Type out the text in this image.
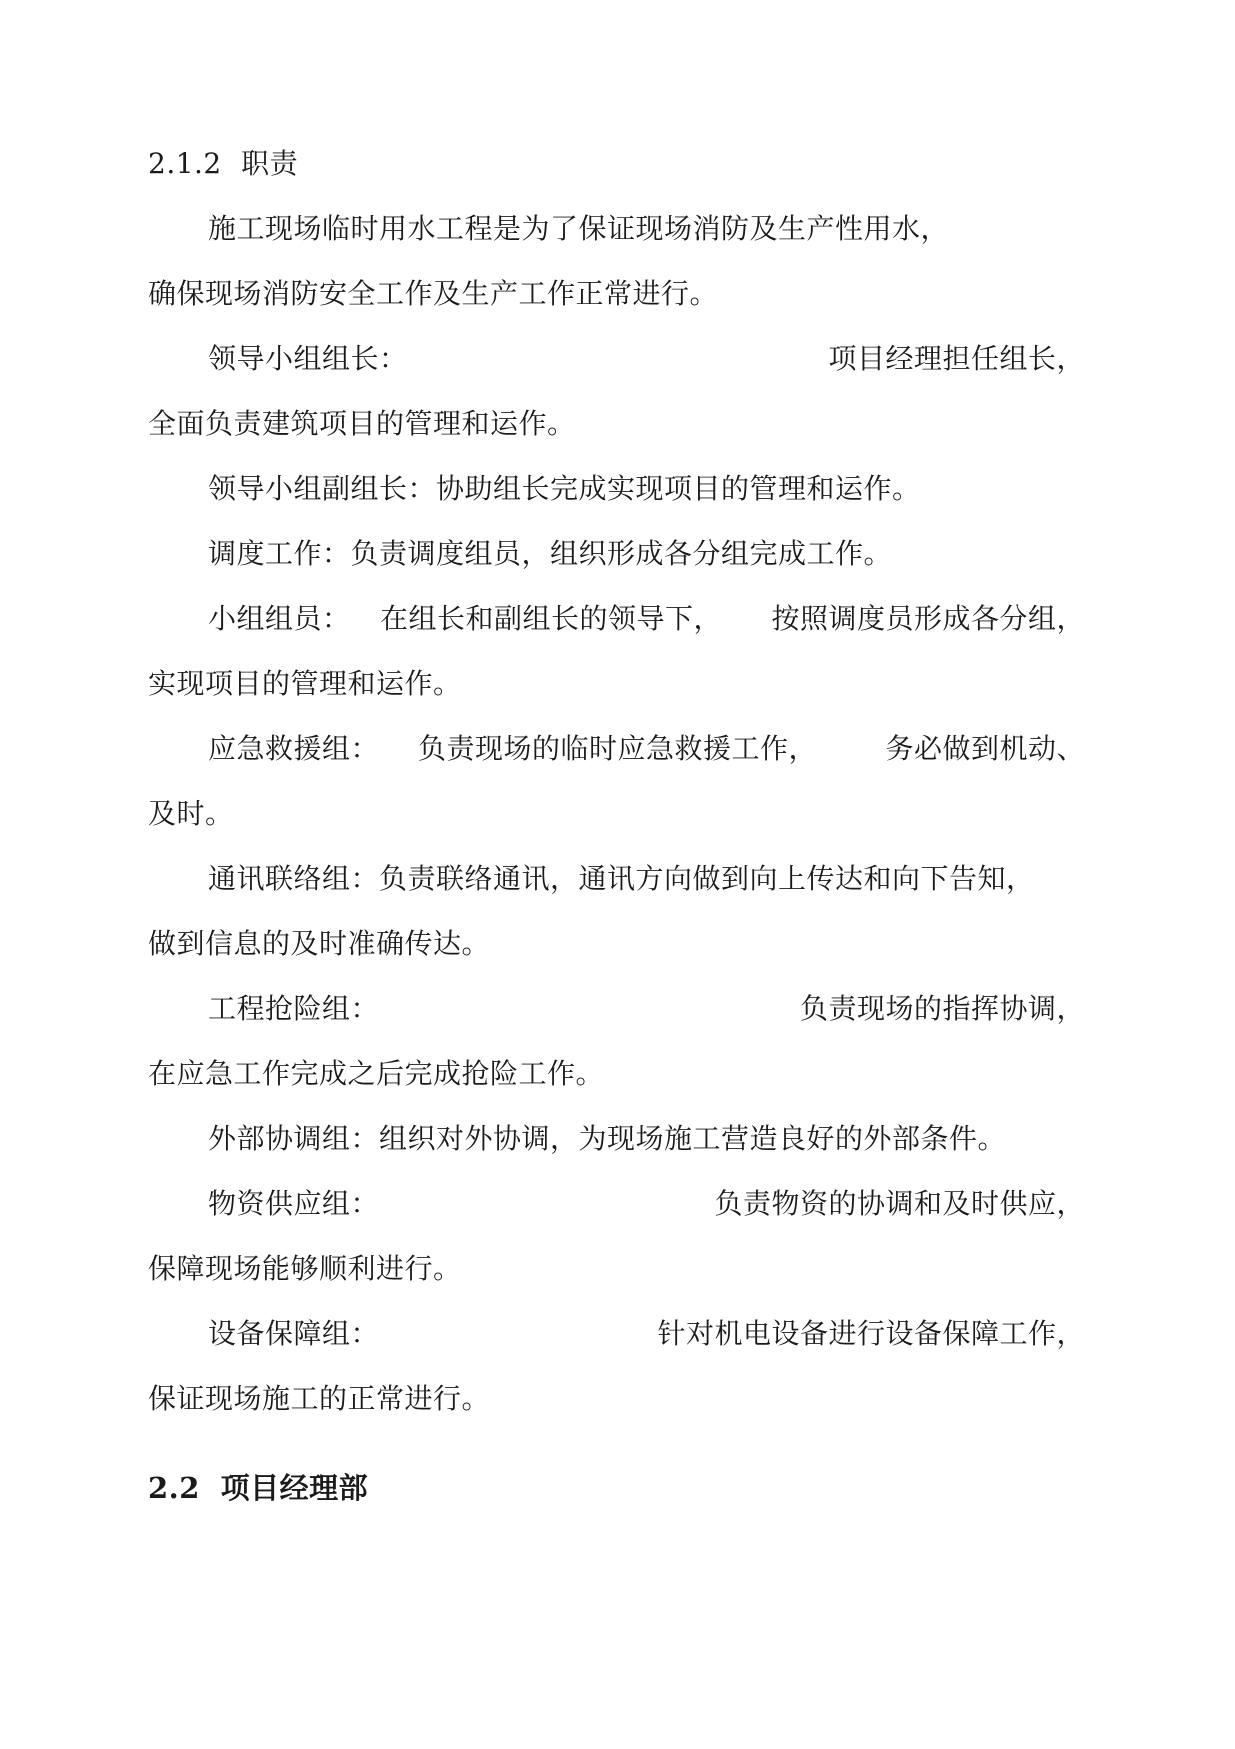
2.1.2 职责
施工现场临时用水工程是为了保证现场消防及生产性用水，
确保现场消防安全工作及生产工作正常进行。
领导小组组长：	项目经理担任组长，
全面负责建筑项目的管理和运作。
领导小组副组长：协助组长完成实现项目的管理和运作。
调度工作：负责调度组员，组织形成各分组完成工作。
小组组员： 在组长和副组长的领导下， 按照调度员形成各分组，
实现项目的管理和运作。
应急救援组： 负责现场的临时应急救援工作， 务必做到机动、
及时。
通讯联络组：负责联络通讯，通讯方向做到向上传达和向下告知，
做到信息的及时准确传达。
工程抢险组：	负责现场的指挥协调，
在应急工作完成之后完成抢险工作。
外部协调组：组织对外协调，为现场施工营造良好的外部条件。
物资供应组：	负责物资的协调和及时供应，
保障现场能够顺利进行。
设备保障组：	针对机电设备进行设备保障工作，
保证现场施工的正常进行。
2.2 项目经理部
